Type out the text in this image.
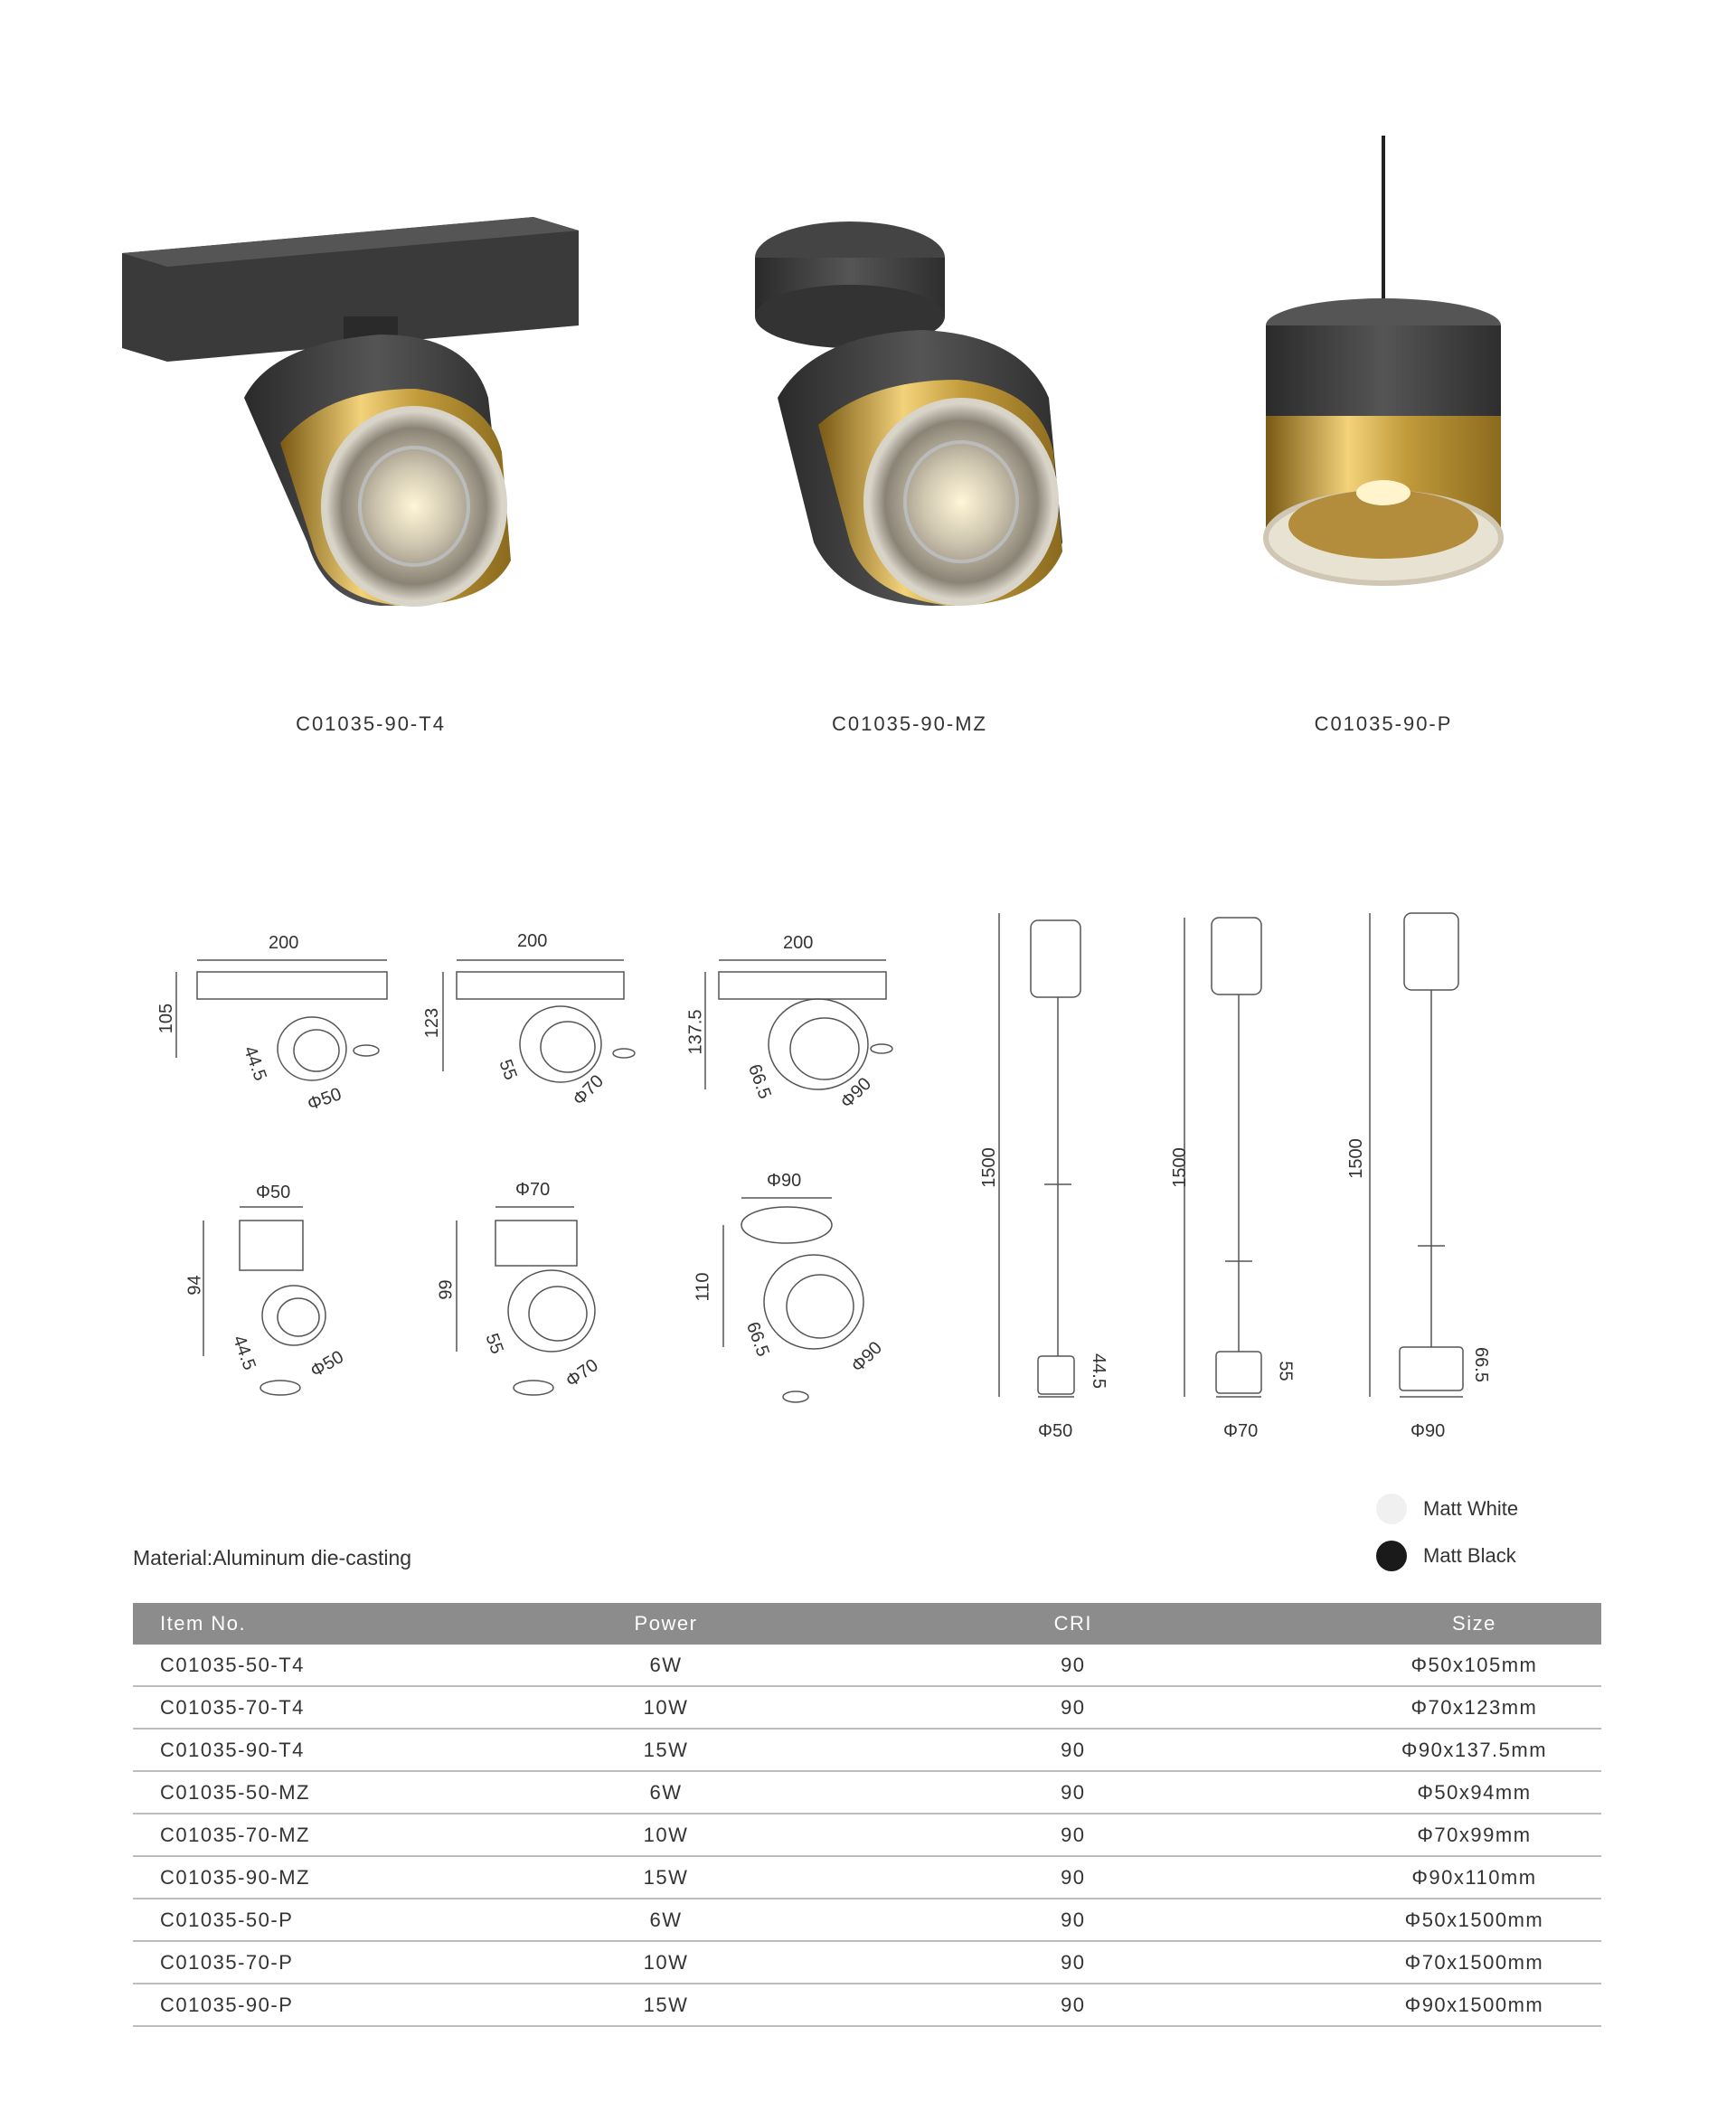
C01035-90-T4	C01035-90-MZ	C01035-90-P
200
105
44.5
Φ50
200
123
55
Φ70
200
137.5
66.5	Φ90
Φ50
94
44.5	Φ50
Φ70
99
55
Φ70
Φ90
110
66.5	Φ90
1500
44.5
Φ50
1500
55
Φ70
1500
66.5
Φ90
Material:Aluminum die-casting
Matt White
Matt Black
Item No.	Power	CRI	Size
C01035-50-T4	6W	90	Φ50x105mm
C01035-70-T4	10W	90	Φ70x123mm
C01035-90-T4	15W	90	Φ90x137.5mm
C01035-50-MZ	6W	90	Φ50x94mm
C01035-70-MZ	10W	90	Φ70x99mm
C01035-90-MZ	15W	90	Φ90x110mm
C01035-50-P	6W	90	Φ50x1500mm
C01035-70-P	10W	90	Φ70x1500mm
C01035-90-P	15W	90	Φ90x1500mm
